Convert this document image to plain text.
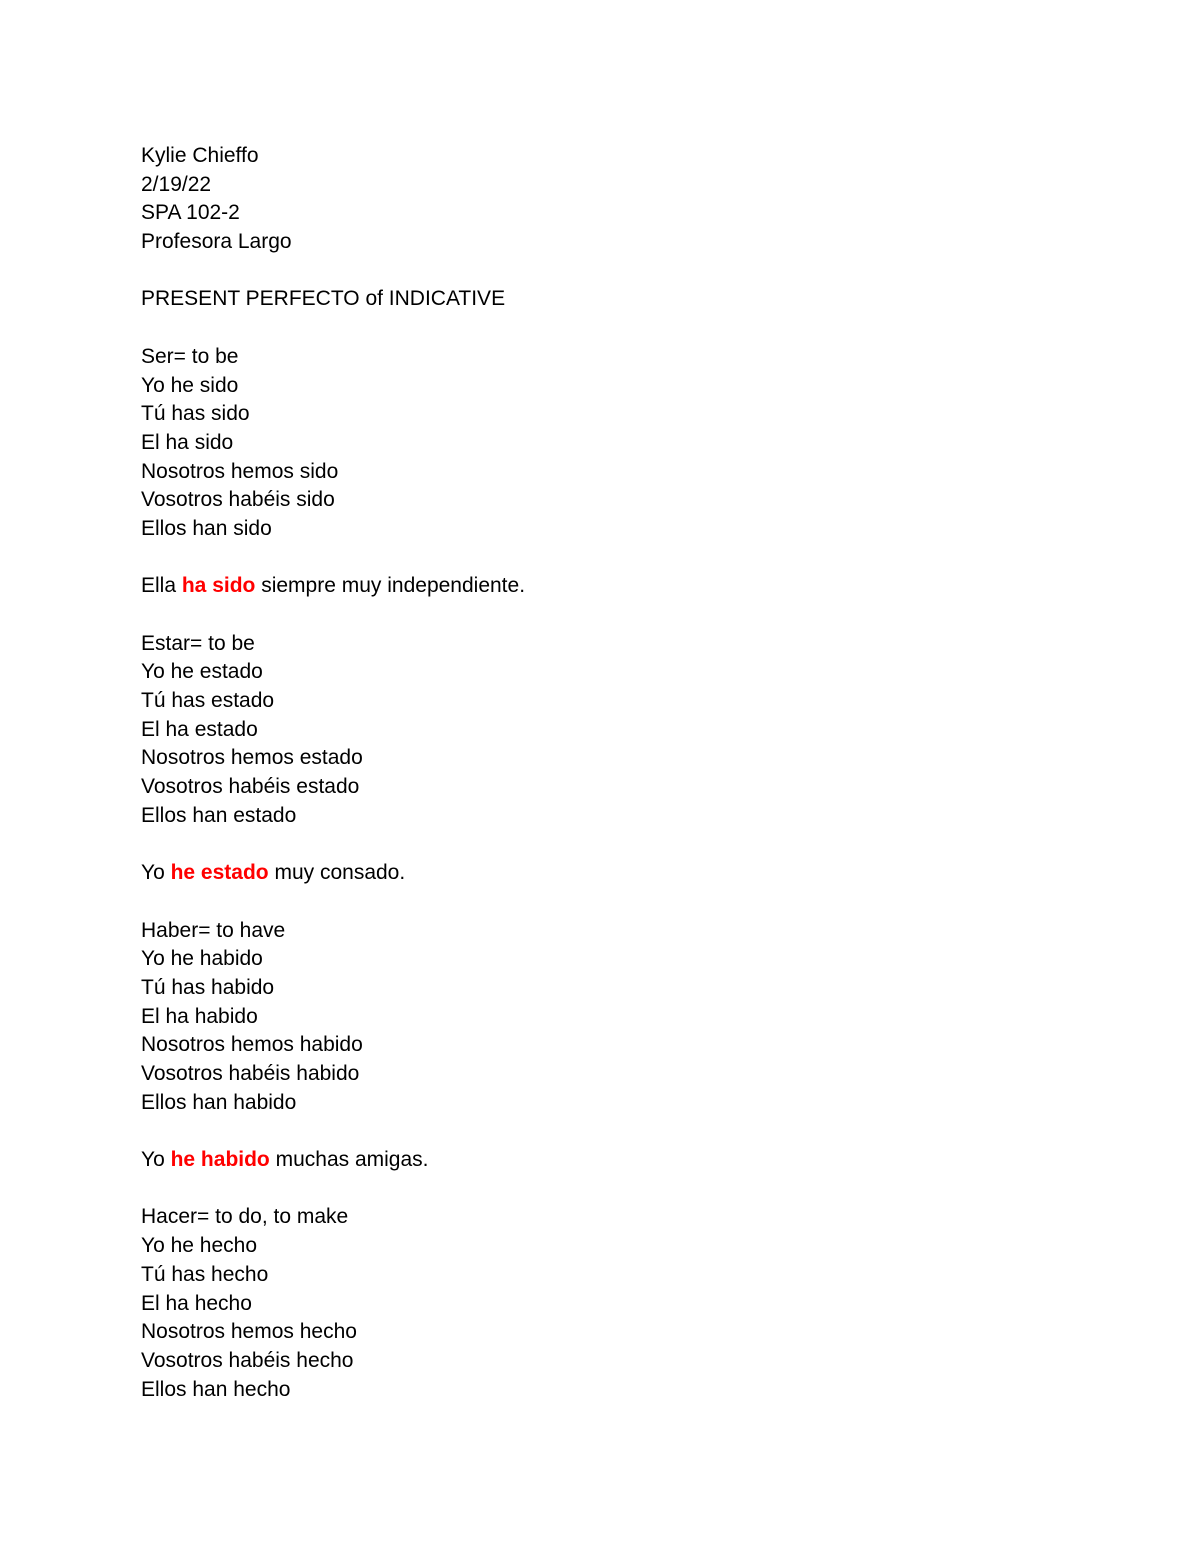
Kylie Chieffo
2/19/22
SPA 102-2
Profesora Largo
PRESENT PERFECTO of INDICATIVE
Ser= to be
Yo he sido
Tú has sido
El ha sido
Nosotros hemos sido
Vosotros habéis sido
Ellos han sido
Ella ha sido siempre muy independiente.
Estar= to be
Yo he estado
Tú has estado
El ha estado
Nosotros hemos estado
Vosotros habéis estado
Ellos han estado
Yo he estado muy consado.
Haber= to have
Yo he habido
Tú has habido
El ha habido
Nosotros hemos habido
Vosotros habéis habido
Ellos han habido
Yo he habido muchas amigas.
Hacer= to do, to make
Yo he hecho
Tú has hecho
El ha hecho
Nosotros hemos hecho
Vosotros habéis hecho
Ellos han hecho
